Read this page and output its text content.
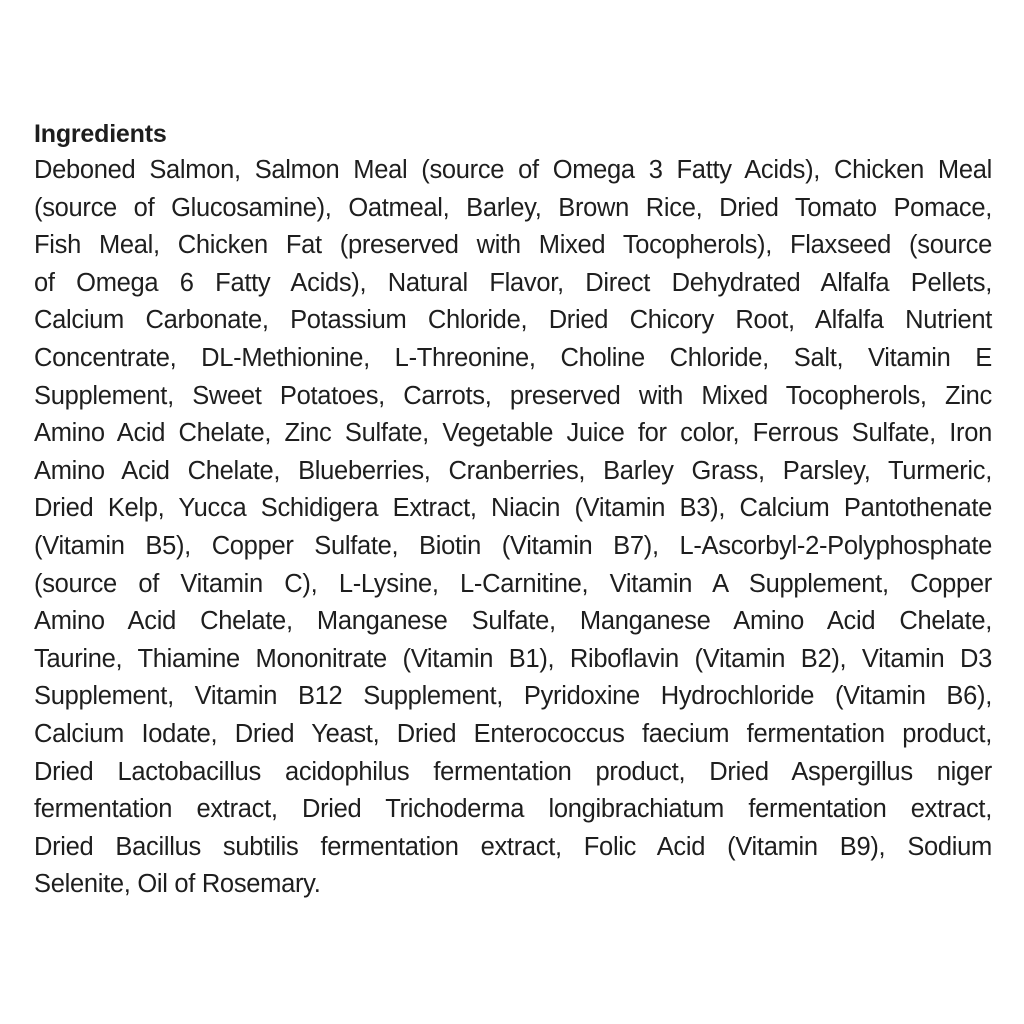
Ingredients

Deboned Salmon, Salmon Meal (source of Omega 3 Fatty Acids), Chicken Meal
(source of Glucosamine), Oatmeal, Barley, Brown Rice, Dried Tomato Pomace,
Fish Meal, Chicken Fat (preserved with Mixed Tocopherols), Flaxseed (source
of Omega 6 Fatty Acids), Natural Flavor, Direct Dehydrated Alfalfa Pellets,
Calcium Carbonate, Potassium Chloride, Dried Chicory Root, Alfalfa Nutrient
Concentrate, DL-Methionine, L-Threonine, Choline Chloride, Salt, Vitamin E
Supplement, Sweet Potatoes, Carrots, preserved with Mixed Tocopherols, Zinc
Amino Acid Chelate, Zinc Sulfate, Vegetable Juice for color, Ferrous Sulfate, Iron
Amino Acid Chelate, Blueberries, Cranberries, Barley Grass, Parsley, Turmeric,
Dried Kelp, Yucca Schidigera Extract, Niacin (Vitamin B3), Calcium Pantothenate
(Vitamin B5), Copper Sulfate, Biotin (Vitamin B7), L-Ascorbyl-2-Polyphosphate
(source of Vitamin C), L-Lysine, L-Carnitine, Vitamin A Supplement, Copper
Amino Acid Chelate, Manganese Sulfate, Manganese Amino Acid Chelate,
Taurine, Thiamine Mononitrate (Vitamin B1), Riboflavin (Vitamin B2), Vitamin D3
Supplement, Vitamin B12 Supplement, Pyridoxine Hydrochloride (Vitamin B6),
Calcium Iodate, Dried Yeast, Dried Enterococcus faecium fermentation product,
Dried Lactobacillus acidophilus fermentation product, Dried Aspergillus niger
fermentation extract, Dried Trichoderma longibrachiatum fermentation extract,
Dried Bacillus subtilis fermentation extract, Folic Acid (Vitamin B9), Sodium
Selenite, Oil of Rosemary.
